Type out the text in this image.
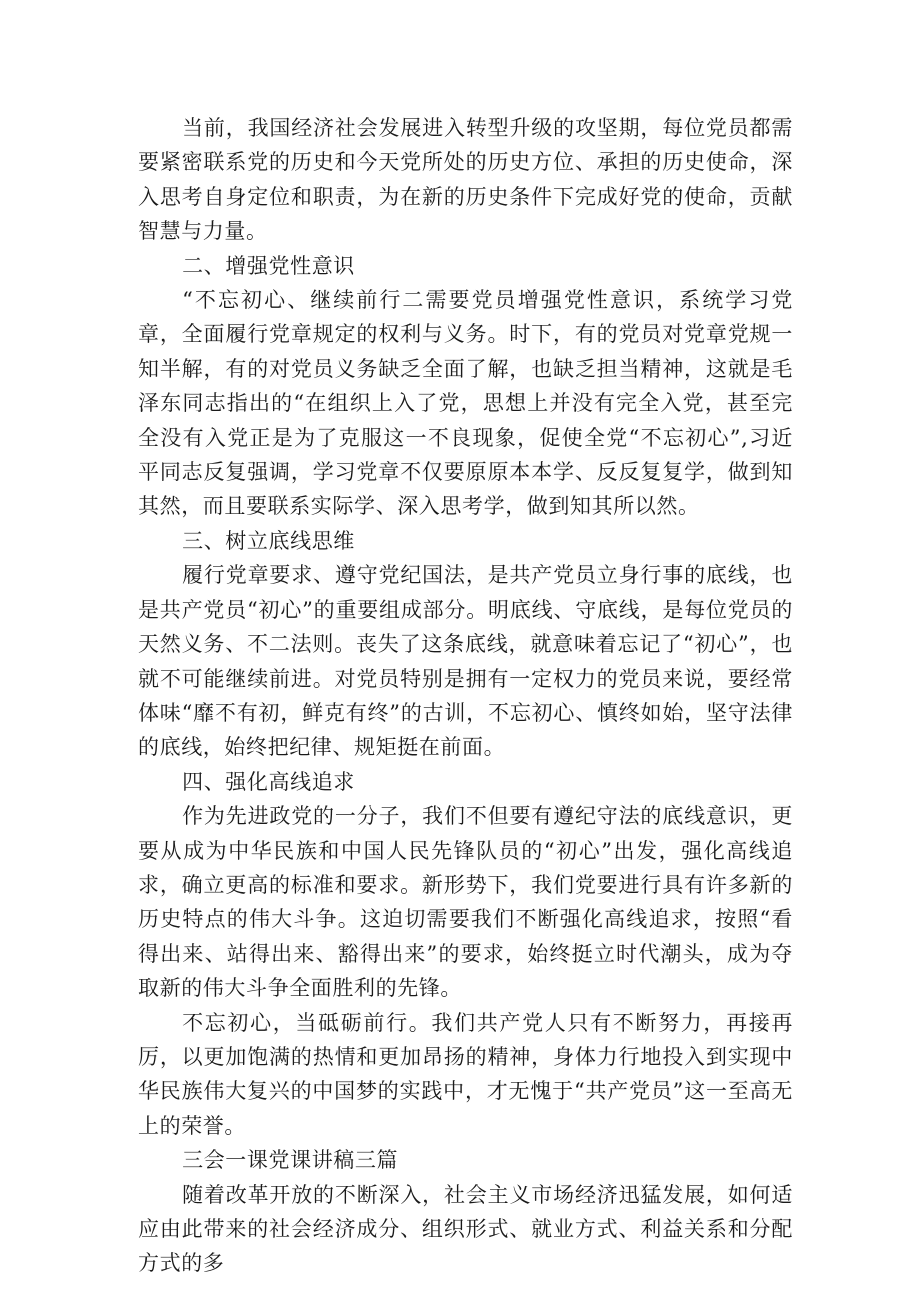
当前，我国经济社会发展进入转型升级的攻坚期，每位党员都需要紧密联系党的历史和今天党所处的历史方位、承担的历史使命，深入思考自身定位和职责，为在新的历史条件下完成好党的使命，贡献智慧与力量。

二、增强党性意识

“不忘初心、继续前行二需要党员增强党性意识，系统学习党章，全面履行党章规定的权利与义务。时下，有的党员对党章党规一知半解，有的对党员义务缺乏全面了解，也缺乏担当精神，这就是毛泽东同志指出的“在组织上入了党，思想上并没有完全入党，甚至完全没有入党正是为了克服这一不良现象，促使全党“不忘初心”,习近平同志反复强调，学习党章不仅要原原本本学、反反复复学，做到知其然，而且要联系实际学、深入思考学，做到知其所以然。

三、树立底线思维

履行党章要求、遵守党纪国法，是共产党员立身行事的底线，也是共产党员“初心”的重要组成部分。明底线、守底线，是每位党员的天然义务、不二法则。丧失了这条底线，就意味着忘记了“初心”，也就不可能继续前进。对党员特别是拥有一定权力的党员来说，要经常体味“靡不有初，鲜克有终”的古训，不忘初心、慎终如始，坚守法律的底线，始终把纪律、规矩挺在前面。

四、强化高线追求

作为先进政党的一分子，我们不但要有遵纪守法的底线意识，更要从成为中华民族和中国人民先锋队员的“初心”出发，强化高线追求，确立更高的标准和要求。新形势下，我们党要进行具有许多新的历史特点的伟大斗争。这迫切需要我们不断强化高线追求，按照“看得出来、站得出来、豁得出来”的要求，始终挺立时代潮头，成为夺取新的伟大斗争全面胜利的先锋。

不忘初心，当砥砺前行。我们共产党人只有不断努力，再接再厉，以更加饱满的热情和更加昂扬的精神，身体力行地投入到实现中华民族伟大复兴的中国梦的实践中，才无愧于“共产党员”这一至高无上的荣誉。

三会一课党课讲稿三篇

随着改革开放的不断深入，社会主义市场经济迅猛发展，如何适应由此带来的社会经济成分、组织形式、就业方式、利益关系和分配方式的多
